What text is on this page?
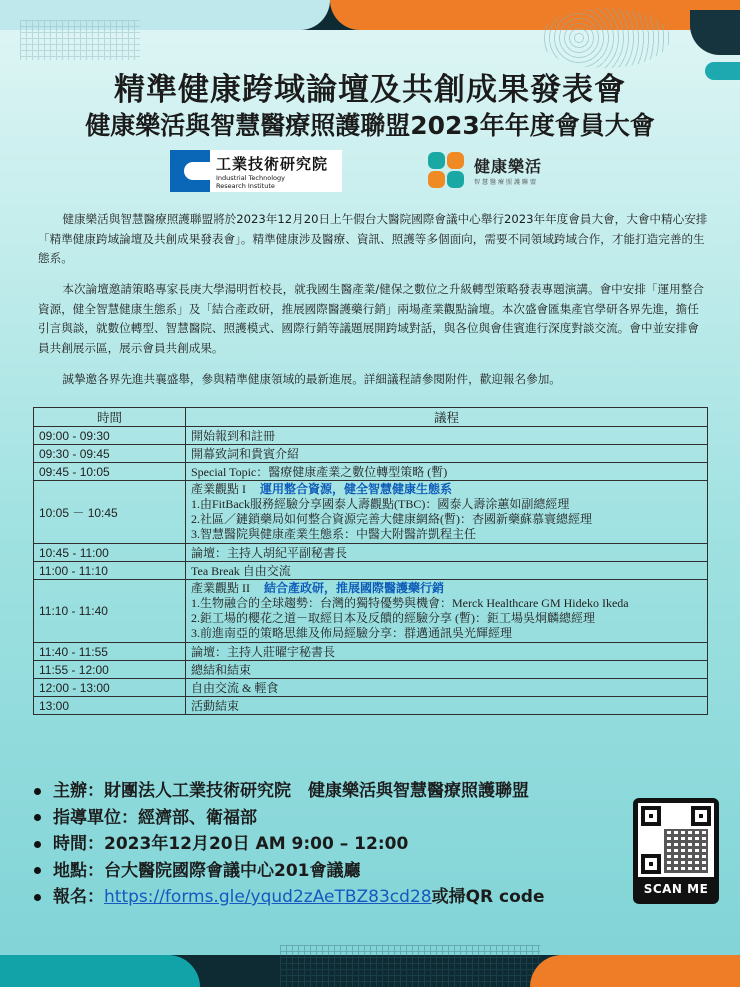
精準健康跨域論壇及共創成果發表會
健康樂活與智慧醫療照護聯盟2023年年度會員大會
工業技術研究院
Industrial Technology
Research Institute
健康樂活
智慧醫療照護聯盟

健康樂活與智慧醫療照護聯盟將於2023年12月20日上午假台大醫院國際會議中心舉行2023年年度會員大會，大會中精心安排「精準健康跨域論壇及共創成果發表會」。精準健康涉及醫療、資訊、照護等多個面向，需要不同領域跨域合作，才能打造完善的生態系。

本次論壇邀請策略專家長庚大學湯明哲校長，就我國生醫產業/健保之數位之升級轉型策略發表專題演講。會中安排「運用整合資源，健全智慧健康生態系」及「結合產政研，推展國際醫護藥行銷」兩場產業觀點論壇。本次盛會匯集產官學研各界先進，擔任引言與談，就數位轉型、智慧醫院、照護模式、國際行銷等議題展開跨域對話，與各位與會佳賓進行深度對談交流。會中並安排會員共創展示區，展示會員共創成果。

誠摯邀各界先進共襄盛舉，參與精準健康領域的最新進展。詳細議程請參閱附件，歡迎報名參加。

時間	議程
09:00 - 09:30	開始報到和註冊
09:30 - 09:45	開幕致詞和貴賓介紹
09:45 - 10:05	Special Topic：醫療健康產業之數位轉型策略 (暫)
10:05 － 10:45	產業觀點 I 運用整合資源，健全智慧健康生態系
1.由FitBack服務經驗分享國泰人壽觀點(TBC)：國泰人壽涂蕙如副總經理
2.社區／鏈鎖藥局如何整合資源完善大健康網絡(暫)：杏國新藥蘇慕寰總經理
3.智慧醫院與健康產業生態系：中醫大附醫許凱程主任

10:45 - 11:00	論壇：主持人胡紀平副秘書長
11:00 - 11:10	Tea Break 自由交流
11:10 - 11:40	產業觀點 II 結合產政研，推展國際醫護藥行銷
1.生物融合的全球趨勢：台灣的獨特優勢與機會：Merck Healthcare GM Hideko Ikeda
2.鉅工場的櫻花之道－取經日本及反饋的經驗分享 (暫)：鉅工場吳炯麟總經理
3.前進南亞的策略思維及佈局經驗分享：群邁通訊吳光輝經理

11:40 - 11:55	論壇：主持人莊曜宇秘書長
11:55 - 12:00	總結和結束
12:00 - 13:00	自由交流 & 輕食
13:00	活動結束
主辦：財團法人工業技術研究院　健康樂活與智慧醫療照護聯盟
指導單位：經濟部、衛福部
時間：2023年12月20日 AM 9:00 – 12:00
地點：台大醫院國際會議中心201會議廳
報名：https://forms.gle/yqud2zAeTBZ83cd28或掃QR code	SCAN ME
